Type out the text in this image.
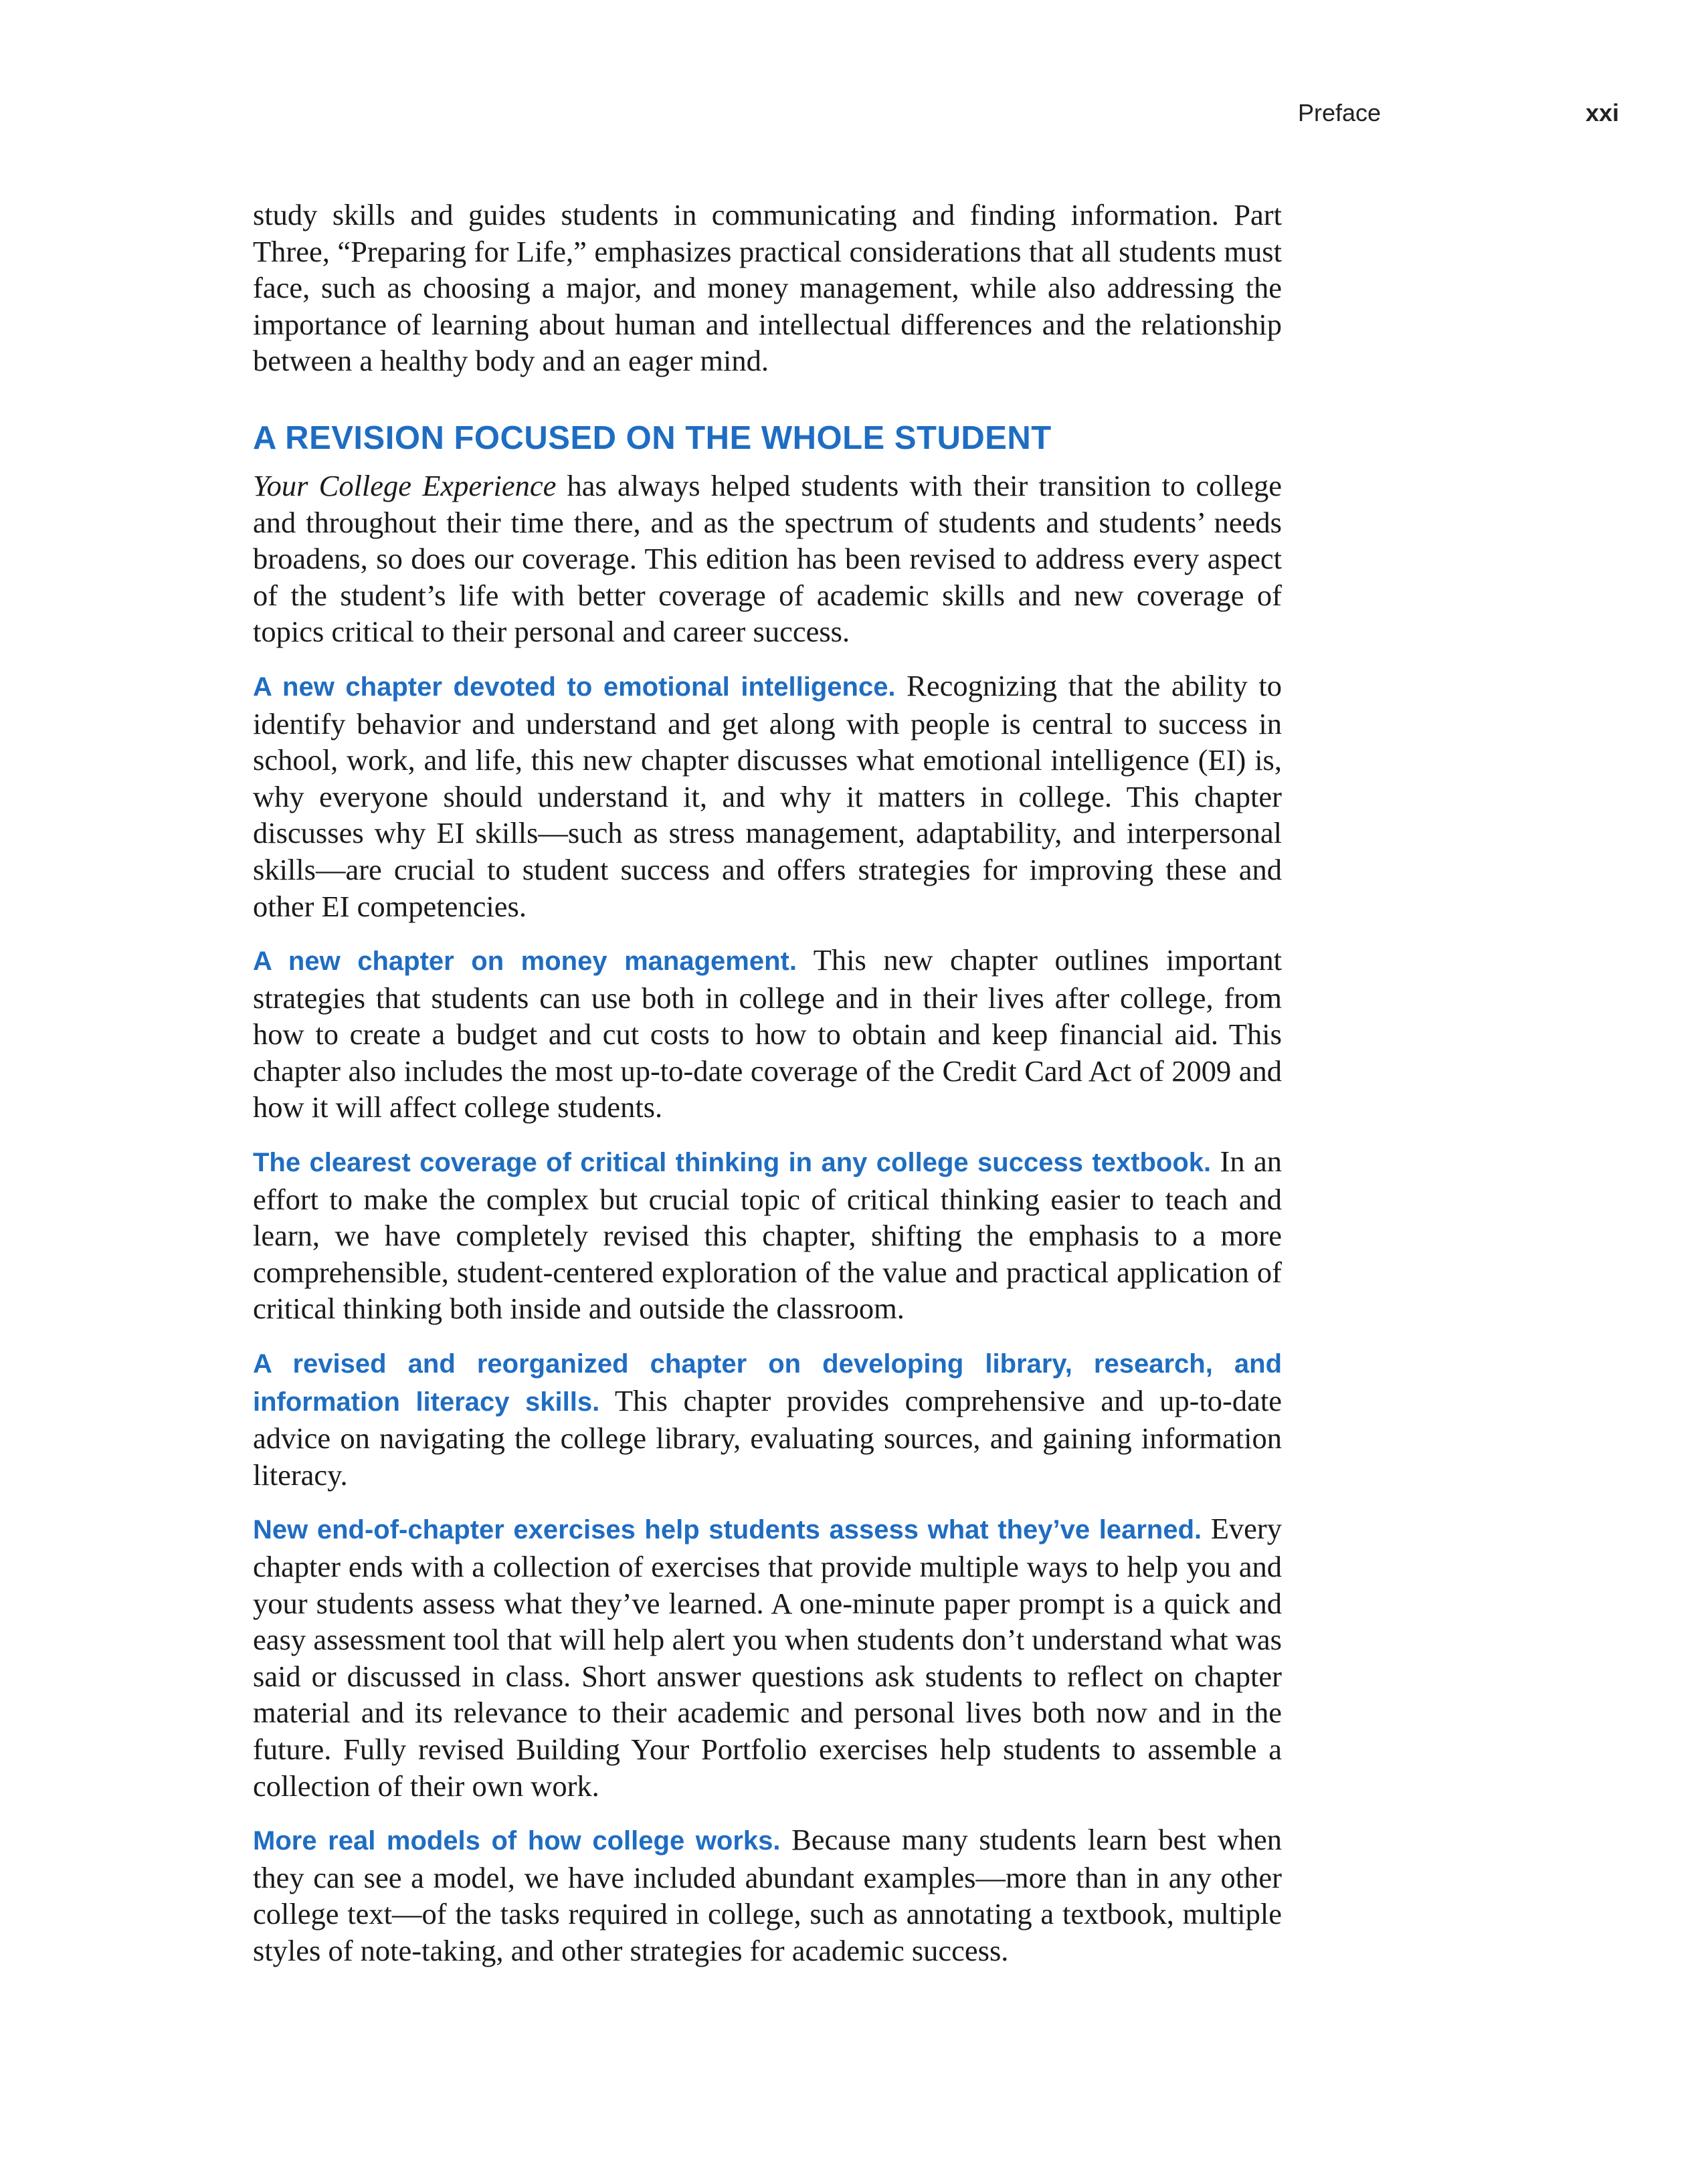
Preface	xxi

study skills and guides students in communicating and finding information. Part Three, “Preparing for Life,” emphasizes practical considerations that all students must face, such as choosing a major, and money management, while also addressing the importance of learning about human and intellectual differences and the relationship between a healthy body and an eager mind.

A REVISION FOCUSED ON THE WHOLE STUDENT

Your College Experience has always helped students with their transition to college and throughout their time there, and as the spectrum of students and students’ needs broadens, so does our coverage. This edition has been revised to address every aspect of the student’s life with better coverage of academic skills and new coverage of topics critical to their personal and career success.

A new chapter devoted to emotional intelligence. Recognizing that the ability to identify behavior and understand and get along with people is central to success in school, work, and life, this new chapter discusses what emotional intelligence (EI) is, why everyone should understand it, and why it matters in college. This chapter discusses why EI skills—such as stress management, adaptability, and interpersonal skills—are crucial to student success and offers strategies for improving these and other EI competencies.

A new chapter on money management. This new chapter outlines important strategies that students can use both in college and in their lives after college, from how to create a budget and cut costs to how to obtain and keep financial aid. This chapter also includes the most up-to-date coverage of the Credit Card Act of 2009 and how it will affect college students.

The clearest coverage of critical thinking in any college success textbook. In an effort to make the complex but crucial topic of critical thinking easier to teach and learn, we have completely revised this chapter, shifting the emphasis to a more comprehensible, student-centered exploration of the value and practical application of critical thinking both inside and outside the classroom.

A revised and reorganized chapter on developing library, research, and information literacy skills. This chapter provides comprehensive and up-to-date advice on navigating the college library, evaluating sources, and gaining information literacy.

New end-of-chapter exercises help students assess what they’ve learned. Every chapter ends with a collection of exercises that provide multiple ways to help you and your students assess what they’ve learned. A one-minute paper prompt is a quick and easy assessment tool that will help alert you when students don’t understand what was said or discussed in class. Short answer questions ask students to reflect on chapter material and its relevance to their academic and personal lives both now and in the future. Fully revised Building Your Portfolio exercises help students to assemble a collection of their own work.

More real models of how college works. Because many students learn best when they can see a model, we have included abundant examples—more than in any other college text—of the tasks required in college, such as annotating a textbook, multiple styles of note-taking, and other strategies for academic success.
